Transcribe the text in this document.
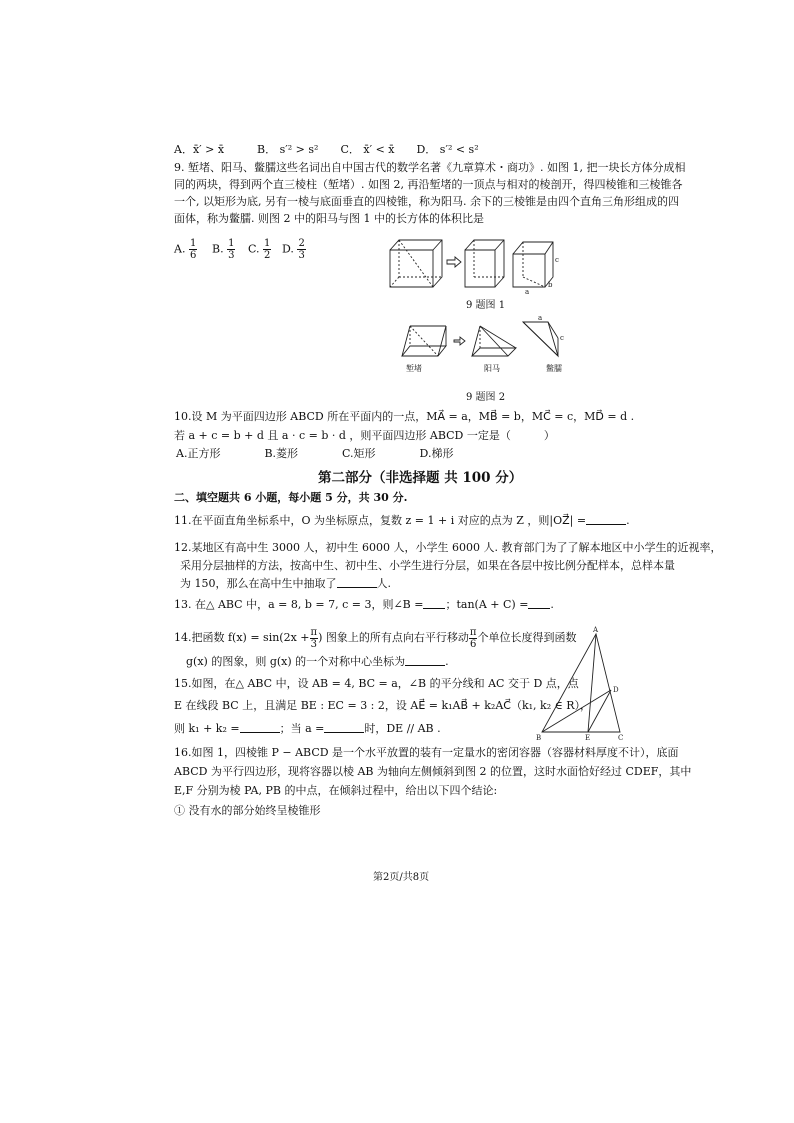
A．x̄′ > x̄　　　B． s′² > s²　　C． x̄′ < x̄　　D． s′² < s²
9. 堑堵、阳马、鳖臑这些名词出自中国古代的数学名著《九章算术・商功》. 如图 1, 把一块长方体分成相
同的两块，得到两个直三棱柱（堑堵）. 如图 2, 再沿堑堵的一顶点与相对的棱剖开，得四棱锥和三棱锥各
一个, 以矩形为底, 另有一棱与底面垂直的四棱锥，称为阳马. 余下的三棱锥是由四个直角三角形组成的四
面体，称为鳖臑. 则图 2 中的阳马与图 1 中的长方体的体积比是
A. $\frac{1}{6} B$. $\frac{1}{3} C$. $\frac{1}{2} D$. $\frac{2}{3}$	c
a
b
9 题图 1
a
c
堑堵	阳马	鳖臑
9 题图 2
10.设 M 为平面四边形 ABCD 所在平面内的一点，MA⃗ = a，MB⃗ = b，MC⃗ = c，MD⃗ = d .
若 a + c = b + d 且 a · c = b · d ，则平面四边形 ABCD 一定是（　　　）
A.正方形　　　　B.菱形　　　　C.矩形　　　　D.梯形
第二部分（非选择题 共 100 分）
二、填空题共 6 小题，每小题 5 分，共 30 分.
11.在平面直角坐标系中，O 为坐标原点，复数 z = 1 + i 对应的点为 Z ，则|OZ⃗| =	.
12.某地区有高中生 3000 人，初中生 6000 人，小学生 6000 人. 教育部门为了了解本地区中小学生的近视率，
采用分层抽样的方法，按高中生、初中生、小学生进行分层，如果在各层中按比例分配样本，总样本量
为 150，那么在高中生中抽取了	人.
13. 在△ ABC 中，a = 8, b = 7, c = 3，则∠B = ；tan(A + C) = .
14.把函数 $f(x) = \sin(2x + \frac{\pi}{3}$ ) 图象上的所有点向右平行移动 $\frac{\pi}{6}$ 个单位长度得到函数
g(x) 的图象，则 g(x) 的一个对称中心坐标为	.
A
D
B	E	C
15.如图，在△ ABC 中，设 AB = 4, BC = a，∠B 的平分线和 AC 交于 D 点，点
E 在线段 BC 上，且满足 BE : EC = 3 : 2，设 AE⃗ = k₁AB⃗ + k₂AC⃗（k₁, k₂ ∈ R），
则 k₁ + k₂ =	；当 a =	时，DE // AB .
16.如图 1，四棱锥 P − ABCD 是一个水平放置的装有一定量水的密闭容器（容器材料厚度不计），底面
ABCD 为平行四边形，现将容器以棱 AB 为轴向左侧倾斜到图 2 的位置，这时水面恰好经过 CDEF，其中
E,F 分别为棱 PA, PB 的中点，在倾斜过程中，给出以下四个结论:
① 没有水的部分始终呈棱锥形
第2页/共8页
